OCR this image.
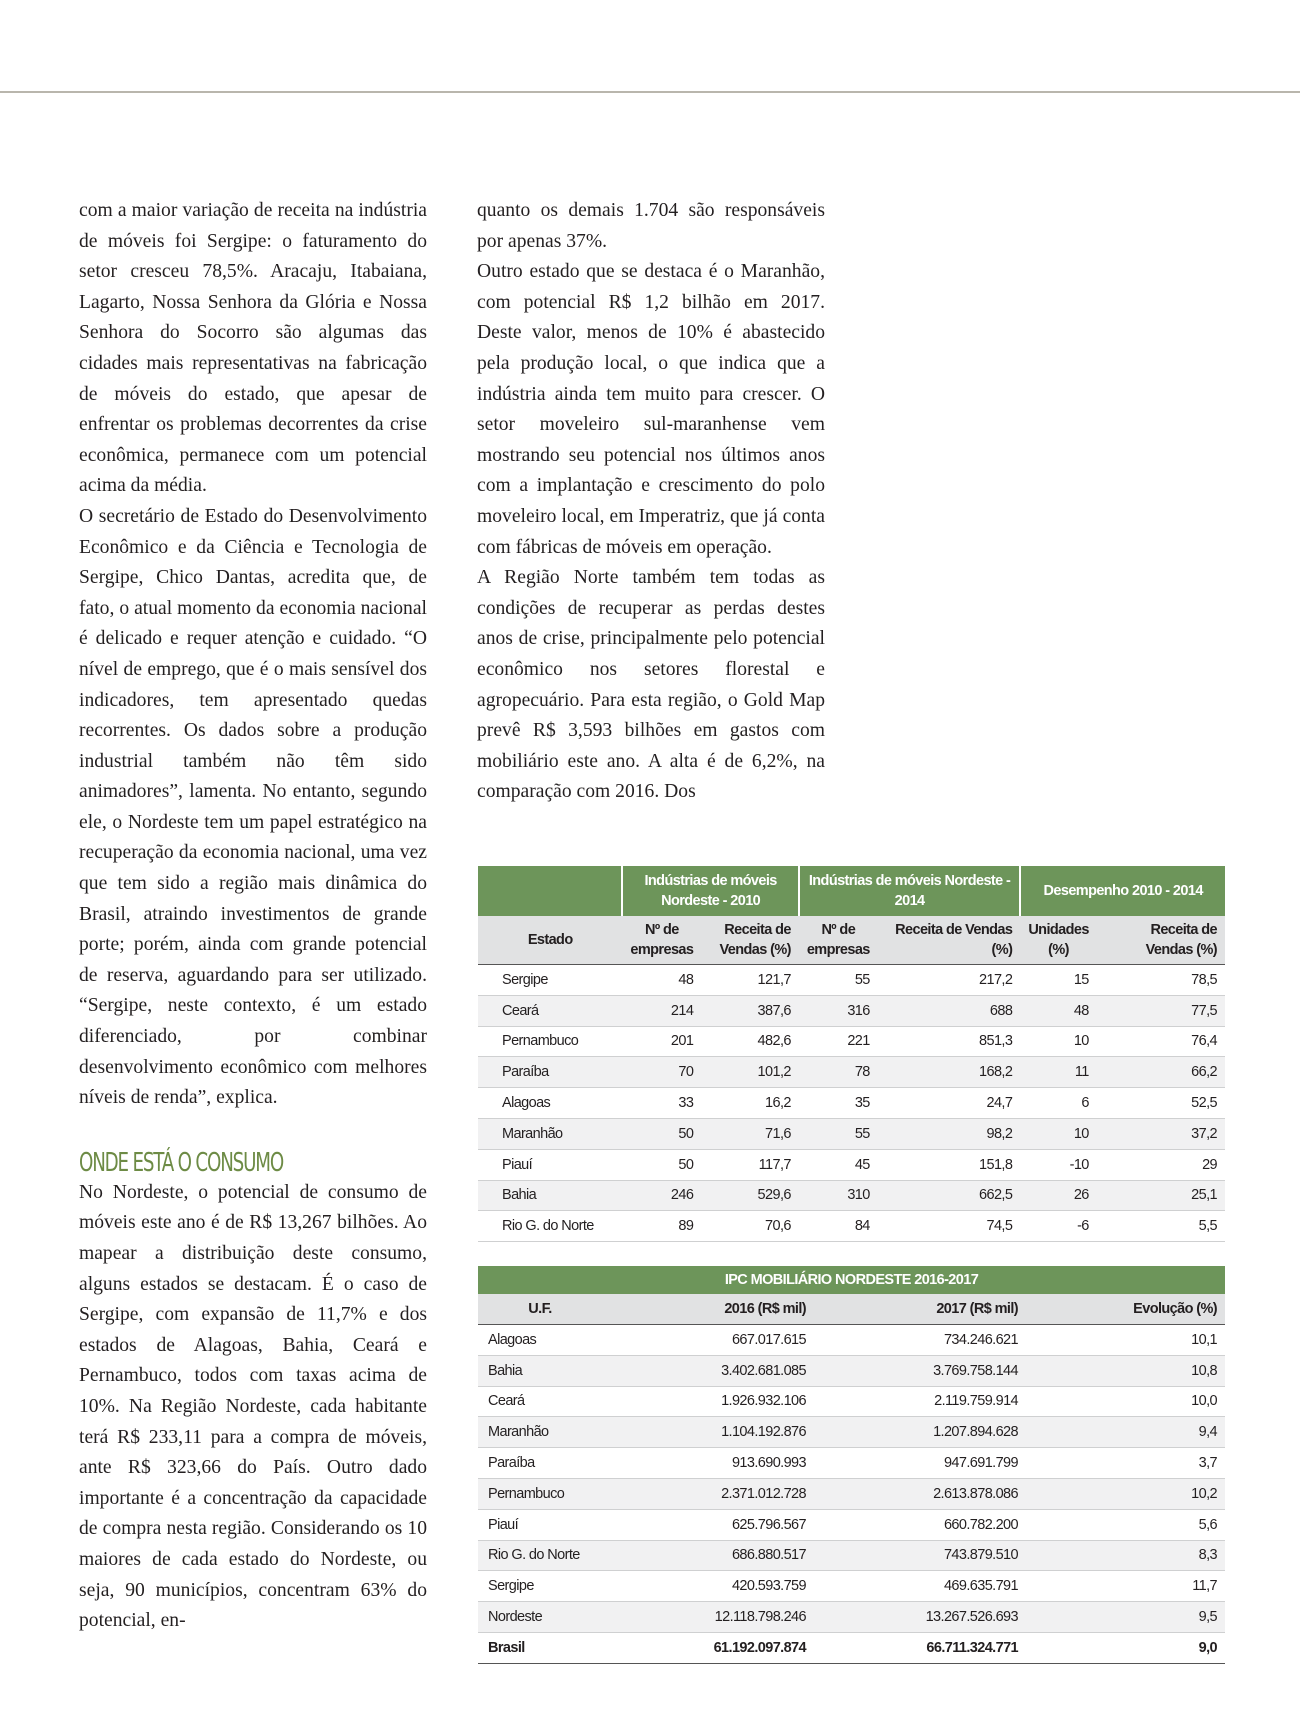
com a maior variação de receita na indústria de móveis foi Sergipe: o faturamento do setor cresceu 78,5%. Aracaju, Itabaiana, Lagarto, Nossa Senhora da Glória e Nossa Senhora do Socorro são algumas das cidades mais representativas na fabricação de móveis do estado, que apesar de enfrentar os problemas decorrentes da crise econômica, permanece com um potencial acima da média.

O secretário de Estado do Desenvolvimento Econômico e da Ciência e Tecnologia de Sergipe, Chico Dantas, acredita que, de fato, o atual momento da economia nacional é delicado e requer atenção e cuidado. “O nível de emprego, que é o mais sensível dos indicadores, tem apresentado quedas recorrentes. Os dados sobre a produção industrial também não têm sido animadores”, lamenta. No entanto, segundo ele, o Nordeste tem um papel estratégico na recuperação da economia nacional, uma vez que tem sido a região mais dinâmica do Brasil, atraindo investimentos de grande porte; porém, ainda com grande potencial de reserva, aguardando para ser utilizado. “Sergipe, neste contexto, é um estado diferenciado, por combinar desenvolvimento econômico com melhores níveis de renda”, explica.

ONDE ESTÁ O CONSUMO

No Nordeste, o potencial de consumo de móveis este ano é de R$ 13,267 bilhões. Ao mapear a distribuição deste consumo, alguns estados se destacam. É o caso de Sergipe, com expansão de 11,7% e dos estados de Alagoas, Bahia, Ceará e Pernambuco, todos com taxas acima de 10%. Na Região Nordeste, cada habitante terá R$ 233,11 para a compra de móveis, ante R$ 323,66 do País. Outro dado importante é a concentração da capacidade de compra nesta região. Considerando os 10 maiores de cada estado do Nordeste, ou seja, 90 municípios, concentram 63% do potencial, en-

quanto os demais 1.704 são responsáveis por apenas 37%.

Outro estado que se destaca é o Maranhão, com potencial R$ 1,2 bilhão em 2017. Deste valor, menos de 10% é abastecido pela produção local, o que indica que a indústria ainda tem muito para crescer. O setor moveleiro sul-maranhense vem mostrando seu potencial nos últimos anos com a implantação e crescimento do polo moveleiro local, em Imperatriz, que já conta com fábricas de móveis em operação.

A Região Norte também tem todas as condições de recuperar as perdas destes anos de crise, principalmente pelo potencial econômico nos setores florestal e agropecuário. Para esta região, o Gold Map prevê R$ 3,593 bilhões em gastos com mobiliário este ano. A alta é de 6,2%, na comparação com 2016. Dos

	Indústrias de móveis Nordeste - 2010		Indústrias de móveis Nordeste - 2014		Desempenho 2010 - 2014	
Estado	Nº de empresas	Receita de Vendas (%)	Nº de empresas	Receita de Vendas (%)	Unidades (%)	Receita de Vendas (%)
Sergipe	48	121,7	55	217,2	15	78,5
Ceará	214	387,6	316	688	48	77,5
Pernambuco	201	482,6	221	851,3	10	76,4
Paraíba	70	101,2	78	168,2	11	66,2
Alagoas	33	16,2	35	24,7	6	52,5
Maranhão	50	71,6	55	98,2	10	37,2
Piauí	50	117,7	45	151,8	-10	29
Bahia	246	529,6	310	662,5	26	25,1
Rio G. do Norte	89	70,6	84	74,5	-6	5,5
IPC MOBILIÁRIO NORDESTE 2016-2017			
U.F.	2016 (R$ mil)	2017 (R$ mil)	Evolução (%)
Alagoas	667.017.615	734.246.621	10,1
Bahia	3.402.681.085	3.769.758.144	10,8
Ceará	1.926.932.106	2.119.759.914	10,0
Maranhão	1.104.192.876	1.207.894.628	9,4
Paraíba	913.690.993	947.691.799	3,7
Pernambuco	2.371.012.728	2.613.878.086	10,2
Piauí	625.796.567	660.782.200	5,6
Rio G. do Norte	686.880.517	743.879.510	8,3
Sergipe	420.593.759	469.635.791	11,7
Nordeste	12.118.798.246	13.267.526.693	9,5
Brasil	61.192.097.874	66.711.324.771	9,0
